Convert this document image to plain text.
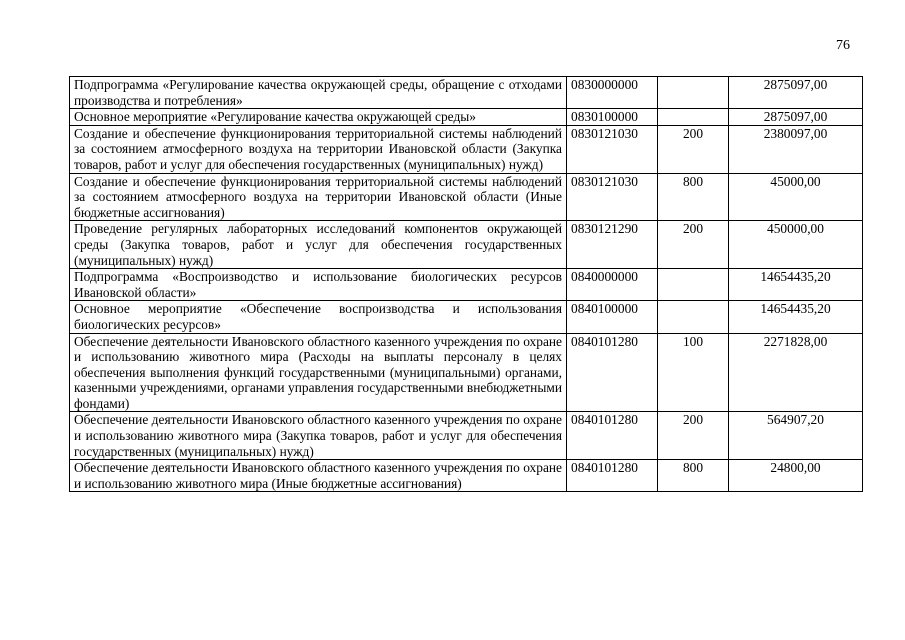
76
Подпрограмма «Регулирование качества окружающей среды, обращение с отходами производства и потребления»	0830000000		2875097,00
Основное мероприятие «Регулирование качества окружающей среды»	0830100000		2875097,00
Создание и обеспечение функционирования территориальной системы наблюдений за состоянием атмосферного воздуха на территории Ивановской области (Закупка товаров, работ и услуг для обеспечения государственных (муниципальных) нужд)	0830121030	200	2380097,00
Создание и обеспечение функционирования территориальной системы наблюдений за состоянием атмосферного воздуха на территории Ивановской области (Иные бюджетные ассигнования)	0830121030	800	45000,00
Проведение регулярных лабораторных исследований компонентов окружающей среды (Закупка товаров, работ и услуг для обеспечения государственных (муниципальных) нужд)	0830121290	200	450000,00
Подпрограмма «Воспроизводство и использование биологических ресурсов Ивановской области»	0840000000		14654435,20
Основное мероприятие «Обеспечение воспроизводства и использования биологических ресурсов»	0840100000		14654435,20
Обеспечение деятельности Ивановского областного казенного учреждения по охране и использованию животного мира (Расходы на выплаты персоналу в целях обеспечения выполнения функций государственными (муниципальными) органами, казенными учреждениями, органами управления государственными внебюджетными фондами)	0840101280	100	2271828,00
Обеспечение деятельности Ивановского областного казенного учреждения по охране и использованию животного мира (Закупка товаров, работ и услуг для обеспечения государственных (муниципальных) нужд)	0840101280	200	564907,20
Обеспечение деятельности Ивановского областного казенного учреждения по охране и использованию животного мира (Иные бюджетные ассигнования)	0840101280	800	24800,00
